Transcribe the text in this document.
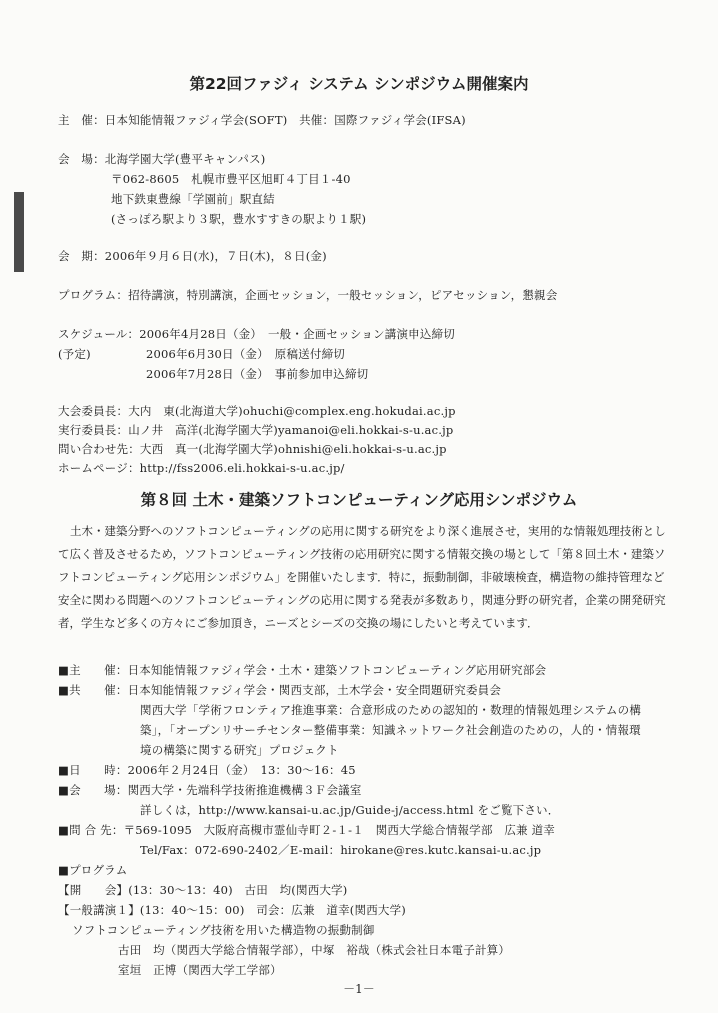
第22回ファジィ システム シンポジウム開催案内
主　催：日本知能情報ファジィ学会(SOFT)　共催：国際ファジィ学会(IFSA)
会　場：北海学園大学(豊平キャンパス)
〒062-8605　札幌市豊平区旭町４丁目１-40
地下鉄東豊線「学園前」駅直結
(さっぽろ駅より３駅，豊水すすきの駅より１駅)
会　期：2006年９月６日(水)，７日(木)，８日(金)
プログラム：招待講演，特別講演，企画セッション，一般セッション，ピアセッション，懇親会
スケジュール：2006年4月28日（金）　一般・企画セッション講演申込締切
(予定)	2006年6月30日（金）　原稿送付締切
2006年7月28日（金）　事前参加申込締切
大会委員長：大内　東(北海道大学)ohuchi@complex.eng.hokudai.ac.jp
実行委員長：山ノ井　高洋(北海学園大学)yamanoi@eli.hokkai-s-u.ac.jp
問い合わせ先：大西　真一(北海学園大学)ohnishi@eli.hokkai-s-u.ac.jp
ホームページ：http://fss2006.eli.hokkai-s-u.ac.jp/
第８回 土木・建築ソフトコンピューティング応用シンポジウム
土木・建築分野へのソフトコンピューティングの応用に関する研究をより深く進展させ，実用的な情報処理技術として広く普及させるため，ソフトコンピューティング技術の応用研究に関する情報交換の場として「第８回土木・建築ソフトコンピューティング応用シンポジウム」を開催いたします．特に，振動制御，非破壊検査，構造物の維持管理など安全に関わる問題へのソフトコンピューティングの応用に関する発表が多数あり，関連分野の研究者，企業の開発研究者，学生など多くの方々にご参加頂き，ニーズとシーズの交換の場にしたいと考えています．
■主　　催：日本知能情報ファジィ学会・土木・建築ソフトコンピューティング応用研究部会
■共　　催：日本知能情報ファジィ学会・関西支部，土木学会・安全問題研究委員会
関西大学「学術フロンティア推進事業：合意形成のための認知的・数理的情報処理システムの構
築」，「オープンリサーチセンター整備事業：知識ネットワーク社会創造のための，人的・情報環
境の構築に関する研究」プロジェクト
■日　　時：2006年２月24日（金）　13：30～16：45
■会　　場：関西大学・先端科学技術推進機構３Ｆ会議室
詳しくは，http://www.kansai-u.ac.jp/Guide-j/access.html をご覧下さい．
■問 合 先：〒569-1095　大阪府高槻市霊仙寺町２-１-１　関西大学総合情報学部　広兼 道幸
Tel/Fax：072-690-2402／E-mail：hirokane@res.kutc.kansai-u.ac.jp
■プログラム
【開　　会】(13：30～13：40)　古田　均(関西大学)
【一般講演１】(13：40～15：00)　司会：広兼　道幸(関西大学)
ソフトコンピューティング技術を用いた構造物の振動制御
古田　均（関西大学総合情報学部），中塚　裕哉（株式会社日本電子計算）
室垣　正博（関西大学工学部）
－1－
